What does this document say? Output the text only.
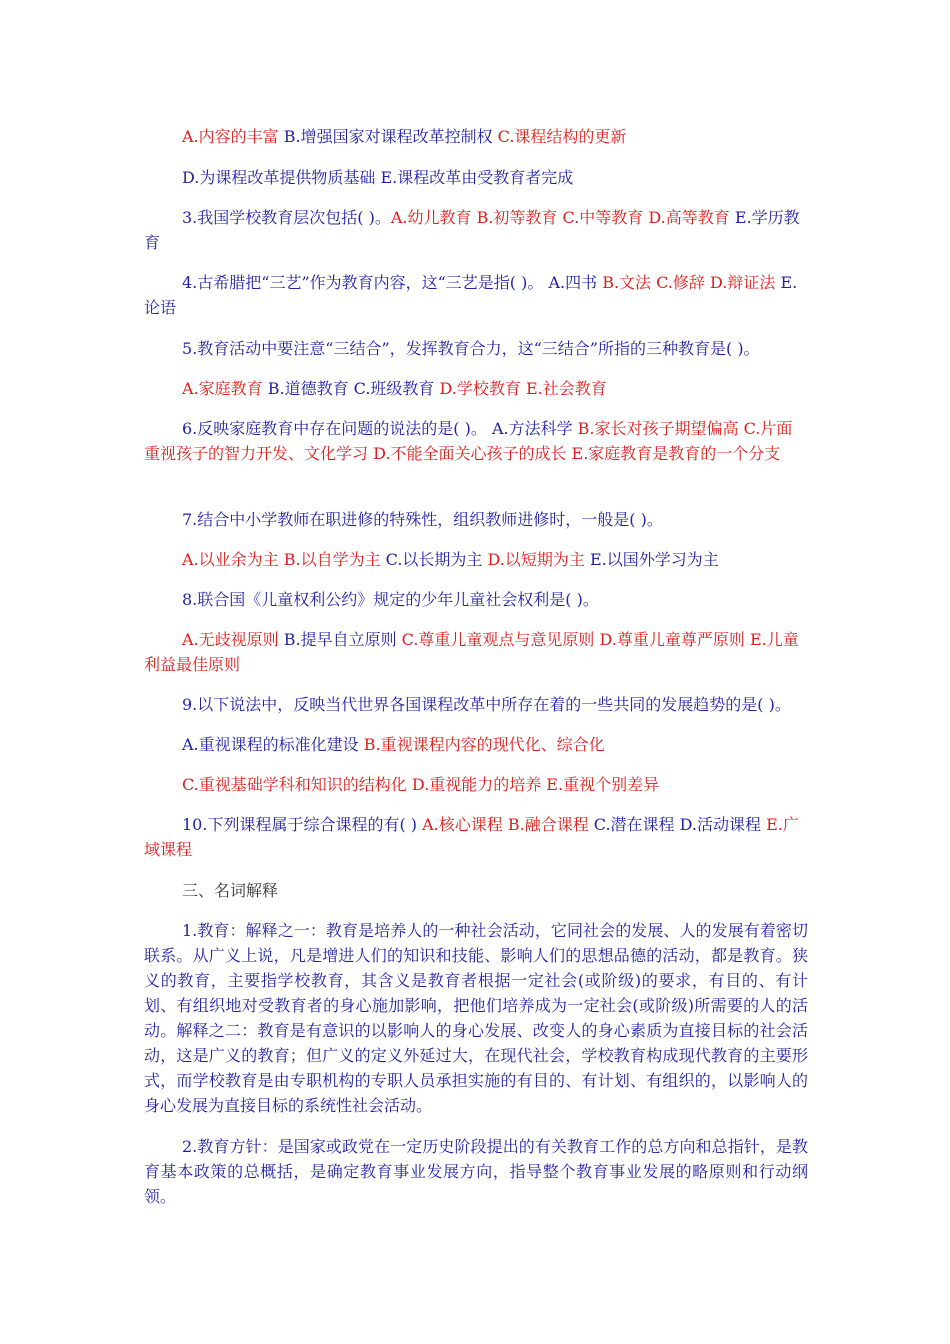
A.内容的丰富 B.增强国家对课程改革控制权 C.课程结构的更新

D.为课程改革提供物质基础 E.课程改革由受教育者完成

3.我国学校教育层次包括( )。A.幼儿教育 B.初等教育 C.中等教育 D.高等教育 E.学历教育

4.古希腊把“三艺”作为教育内容，这“三艺是指( )。 A.四书 B.文法 C.修辞 D.辩证法 E.论语

5.教育活动中要注意“三结合”，发挥教育合力，这“三结合”所指的三种教育是( )。

A.家庭教育 B.道德教育 C.班级教育 D.学校教育 E.社会教育

6.反映家庭教育中存在问题的说法的是( )。 A.方法科学 B.家长对孩子期望偏高 C.片面重视孩子的智力开发、文化学习 D.不能全面关心孩子的成长 E.家庭教育是教育的一个分支

7.结合中小学教师在职进修的特殊性，组织教师进修时，一般是( )。

A.以业余为主 B.以自学为主 C.以长期为主 D.以短期为主 E.以国外学习为主

8.联合国《儿童权利公约》规定的少年儿童社会权利是( )。

A.无歧视原则 B.提早自立原则 C.尊重儿童观点与意见原则 D.尊重儿童尊严原则 E.儿童利益最佳原则

9.以下说法中，反映当代世界各国课程改革中所存在着的一些共同的发展趋势的是( )。

A.重视课程的标准化建设 B.重视课程内容的现代化、综合化

C.重视基础学科和知识的结构化 D.重视能力的培养 E.重视个别差异

10.下列课程属于综合课程的有( ) A.核心课程 B.融合课程 C.潜在课程 D.活动课程 E.广域课程

三、名词解释

1.教育：解释之一：教育是培养人的一种社会活动，它同社会的发展、人的发展有着密切联系。从广义上说，凡是增进人们的知识和技能、影响人们的思想品德的活动，都是教育。狭义的教育，主要指学校教育，其含义是教育者根据一定社会(或阶级)的要求，有目的、有计划、有组织地对受教育者的身心施加影响，把他们培养成为一定社会(或阶级)所需要的人的活动。解释之二：教育是有意识的以影响人的身心发展、改变人的身心素质为直接目标的社会活动，这是广义的教育；但广义的定义外延过大，在现代社会，学校教育构成现代教育的主要形式，而学校教育是由专职机构的专职人员承担实施的有目的、有计划、有组织的，以影响人的身心发展为直接目标的系统性社会活动。

2.教育方针：是国家或政党在一定历史阶段提出的有关教育工作的总方向和总指针，是教育基本政策的总概括，是确定教育事业发展方向，指导整个教育事业发展的略原则和行动纲领。
